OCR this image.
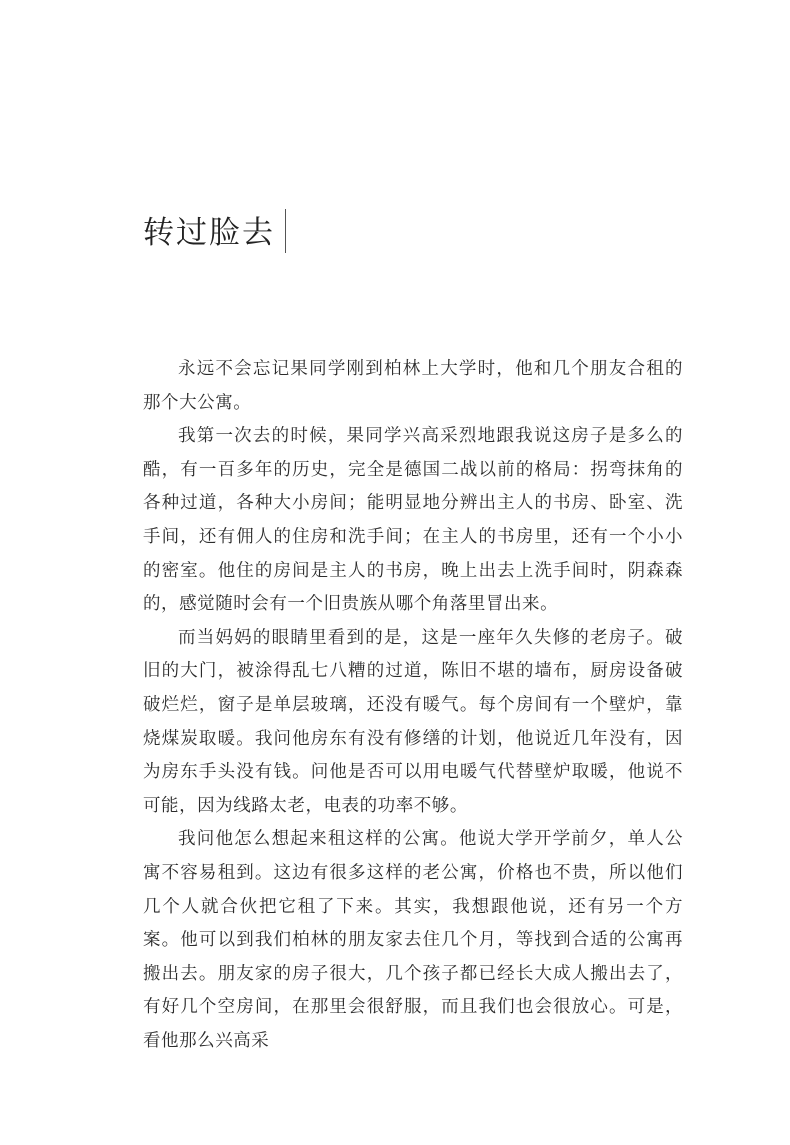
转过脸去

永远不会忘记果同学刚到柏林上大学时，他和几个朋友合租的那个大公寓。

我第一次去的时候，果同学兴高采烈地跟我说这房子是多么的酷，有一百多年的历史，完全是德国二战以前的格局：拐弯抹角的各种过道，各种大小房间；能明显地分辨出主人的书房、卧室、洗手间，还有佣人的住房和洗手间；在主人的书房里，还有一个小小的密室。他住的房间是主人的书房，晚上出去上洗手间时，阴森森的，感觉随时会有一个旧贵族从哪个角落里冒出来。

而当妈妈的眼睛里看到的是，这是一座年久失修的老房子。破旧的大门，被涂得乱七八糟的过道，陈旧不堪的墙布，厨房设备破破烂烂，窗子是单层玻璃，还没有暖气。每个房间有一个壁炉，靠烧煤炭取暖。我问他房东有没有修缮的计划，他说近几年没有，因为房东手头没有钱。问他是否可以用电暖气代替壁炉取暖，他说不可能，因为线路太老，电表的功率不够。

我问他怎么想起来租这样的公寓。他说大学开学前夕，单人公寓不容易租到。这边有很多这样的老公寓，价格也不贵，所以他们几个人就合伙把它租了下来。其实，我想跟他说，还有另一个方案。他可以到我们柏林的朋友家去住几个月，等找到合适的公寓再搬出去。朋友家的房子很大，几个孩子都已经长大成人搬出去了，有好几个空房间，在那里会很舒服，而且我们也会很放心。可是，看他那么兴高采
